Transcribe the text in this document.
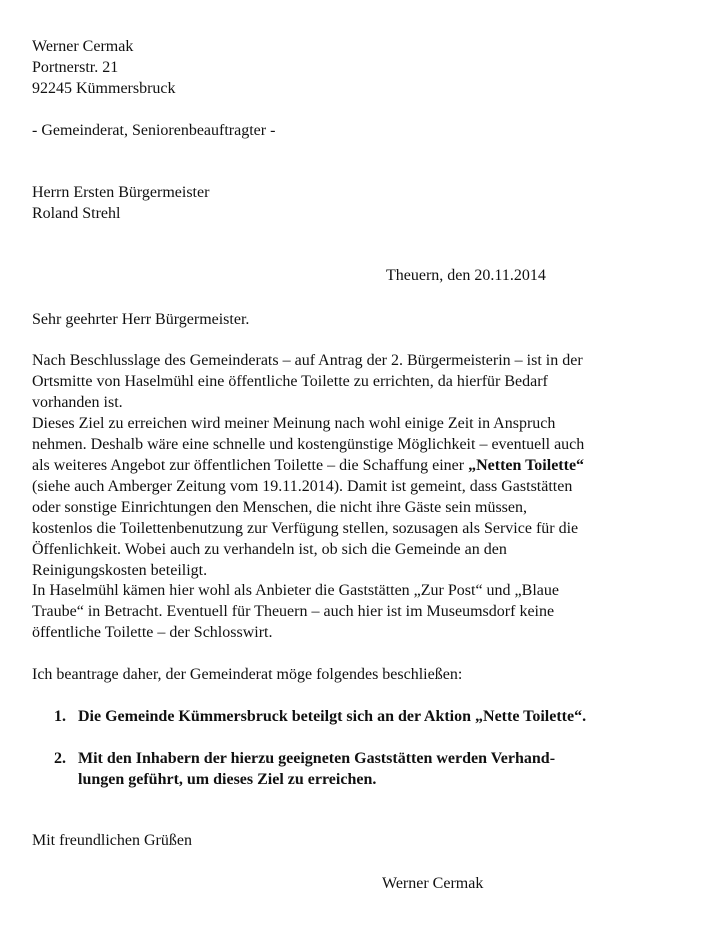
Werner Cermak
Portnerstr. 21
92245 Kümmersbruck
- Gemeinderat, Seniorenbeauftragter -
Herrn Ersten Bürgermeister
Roland Strehl
Theuern, den 20.11.2014
Sehr geehrter Herr Bürgermeister.
Nach Beschlusslage des Gemeinderats – auf Antrag der 2. Bürgermeisterin – ist in der
Ortsmitte von Haselmühl eine öffentliche Toilette zu errichten, da hierfür Bedarf
vorhanden ist.
Dieses Ziel zu erreichen wird meiner Meinung nach wohl einige Zeit in Anspruch
nehmen. Deshalb wäre eine schnelle und kostengünstige Möglichkeit – eventuell auch
als weiteres Angebot zur öffentlichen Toilette – die Schaffung einer „Netten Toilette“
(siehe auch Amberger Zeitung vom 19.11.2014). Damit ist gemeint, dass Gaststätten
oder sonstige Einrichtungen den Menschen, die nicht ihre Gäste sein müssen,
kostenlos die Toilettenbenutzung zur Verfügung stellen, sozusagen als Service für die
Öffenlichkeit. Wobei auch zu verhandeln ist, ob sich die Gemeinde an den
Reinigungskosten beteiligt.
In Haselmühl kämen hier wohl als Anbieter die Gaststätten „Zur Post“ und „Blaue
Traube“ in Betracht. Eventuell für Theuern – auch hier ist im Museumsdorf keine
öffentliche Toilette – der Schlosswirt.
Ich beantrage daher, der Gemeinderat möge folgendes beschließen:
1. Die Gemeinde Kümmersbruck beteilgt sich an der Aktion „Nette Toilette“.
2. Mit den Inhabern der hierzu geeigneten Gaststätten werden Verhand-
lungen geführt, um dieses Ziel zu erreichen.
Mit freundlichen Grüßen
Werner Cermak
